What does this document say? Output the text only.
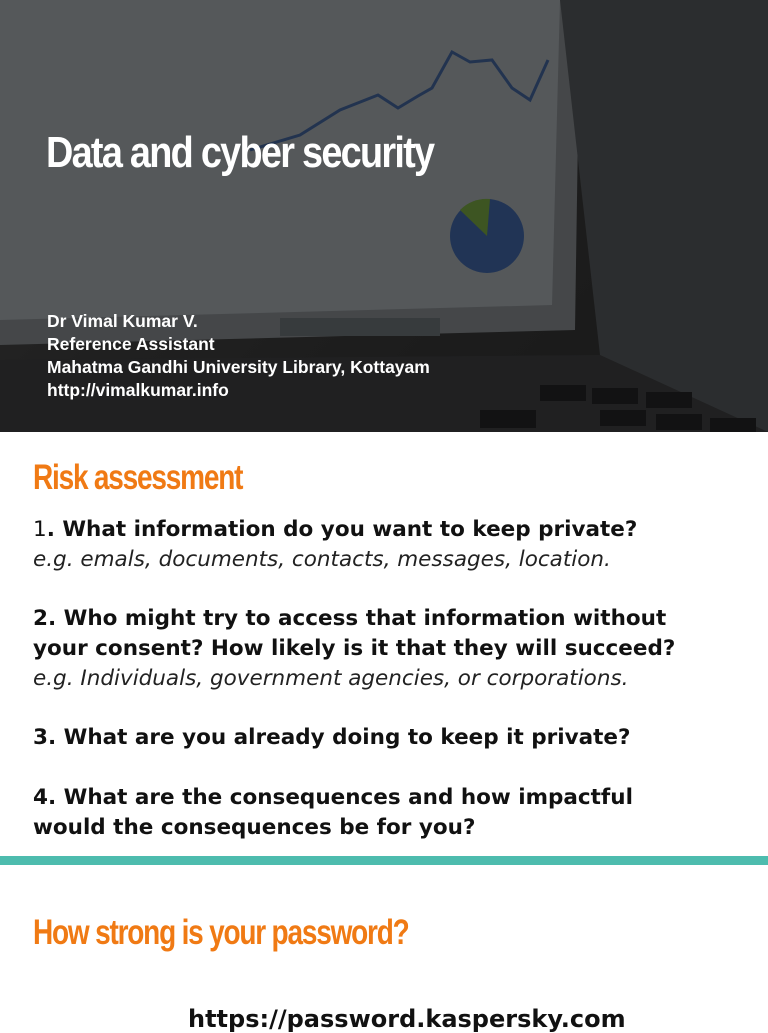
Data and cyber security
Dr Vimal Kumar V.
Reference Assistant
Mahatma Gandhi University Library, Kottayam
http://vimalkumar.info
Risk assessment
1. What information do you want to keep private?
e.g. emals, documents, contacts, messages, location.
2. Who might try to access that information without
your consent? How likely is it that they will succeed?
e.g. Individuals, government agencies, or corporations.
3. What are you already doing to keep it private?
4. What are the consequences and how impactful
would the consequences be for you?
How strong is your password?
https://password.kaspersky.com
